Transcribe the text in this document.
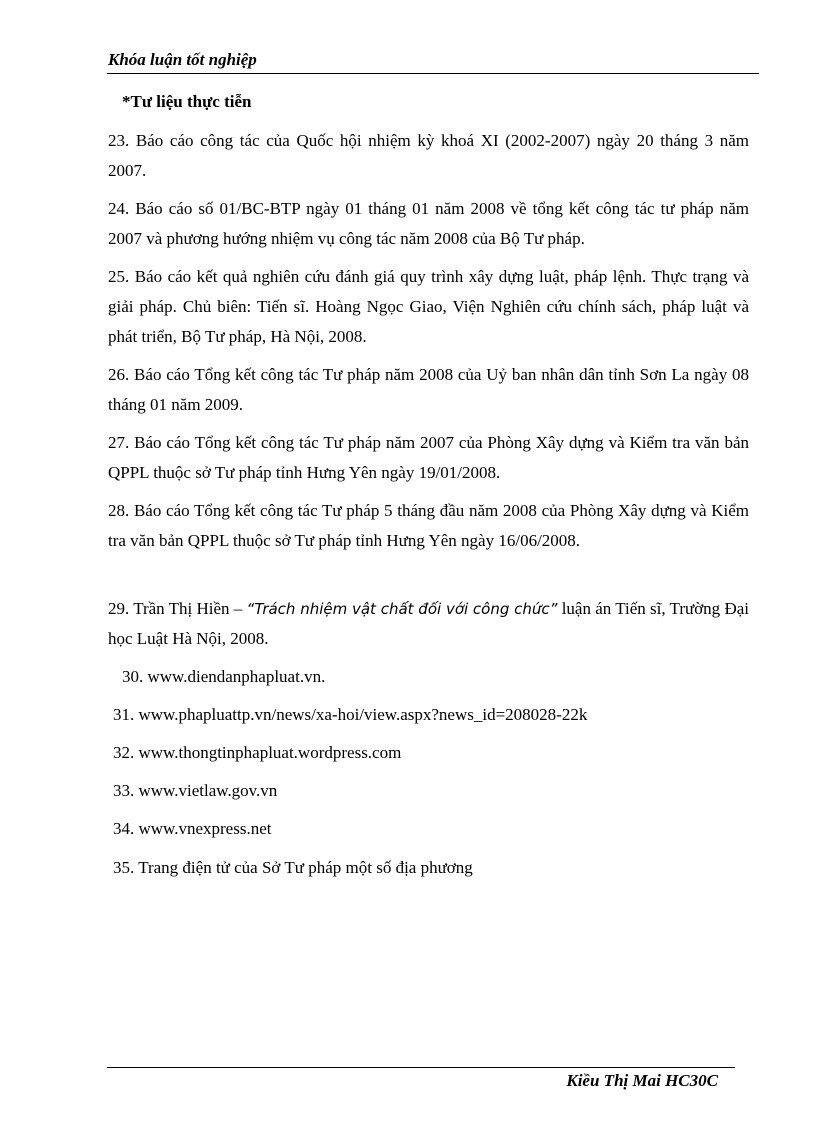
Khóa luận tốt nghiệp
*Tư liệu thực tiễn
23. Báo cáo công tác của Quốc hội nhiệm kỳ khoá XI (2002-2007) ngày 20 tháng 3 năm 2007.
24. Báo cáo số 01/BC-BTP ngày 01 tháng 01 năm 2008 về tổng kết công tác tư pháp năm 2007 và phương hướng nhiệm vụ công tác năm 2008 của Bộ Tư pháp.
25. Báo cáo kết quả nghiên cứu đánh giá quy trình xây dựng luật, pháp lệnh. Thực trạng và giải pháp. Chủ biên: Tiến sĩ. Hoàng Ngọc Giao, Viện Nghiên cứu chính sách, pháp luật và phát triển, Bộ Tư pháp, Hà Nội, 2008.
26. Báo cáo Tổng kết công tác Tư pháp năm 2008 của Uỷ ban nhân dân tỉnh Sơn La ngày 08 tháng 01 năm 2009.
27. Báo cáo Tổng kết công tác Tư pháp năm 2007 của Phòng Xây dựng và Kiểm tra văn bản QPPL thuộc sở Tư pháp tỉnh Hưng Yên ngày 19/01/2008.
28. Báo cáo Tổng kết công tác Tư pháp 5 tháng đầu năm 2008 của Phòng Xây dựng và Kiểm tra văn bản QPPL thuộc sở Tư pháp tỉnh Hưng Yên ngày 16/06/2008.
29. Trần Thị Hiền – “Trách nhiệm vật chất đối với công chức” luận án Tiến sĩ, Trường Đại học Luật Hà Nội, 2008.
30. www.diendanphapluat.vn.
31. www.phapluattp.vn/news/xa-hoi/view.aspx?news_id=208028-22k
32. www.thongtinphapluat.wordpress.com
33. www.vietlaw.gov.vn
34. www.vnexpress.net
35. Trang điện tử của Sở Tư pháp một số địa phương
Kiều Thị Mai HC30C
